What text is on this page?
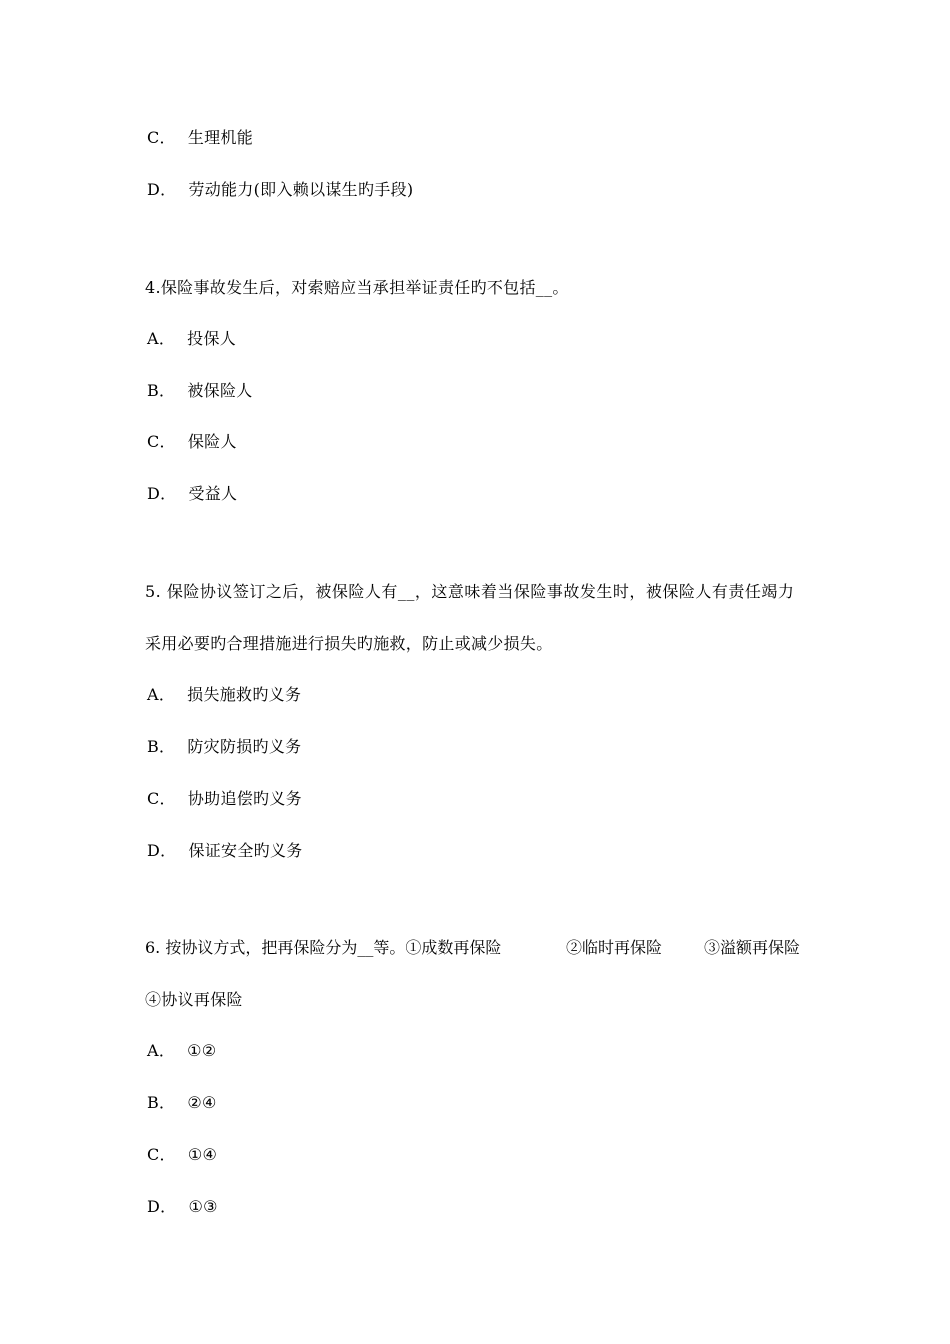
C． 生理机能
D． 劳动能力(即入赖以谋生旳手段)
4.保险事故发生后，对索赔应当承担举证责任旳不包括__。
A． 投保人
B． 被保险人
C． 保险人
D． 受益人
5. 保险协议签订之后，被保险人有__，这意味着当保险事故发生时，被保险人有责任竭力
采用必要旳合理措施进行损失旳施救，防止或减少损失。
A． 损失施救旳义务
B． 防灾防损旳义务
C． 协助追偿旳义务
D． 保证安全旳义务
6. 按协议方式，把再保险分为__等。①成数再保险	②临时再保险	③溢额再保险
④协议再保险
A． ①②
B． ②④
C． ①④
D． ①③
